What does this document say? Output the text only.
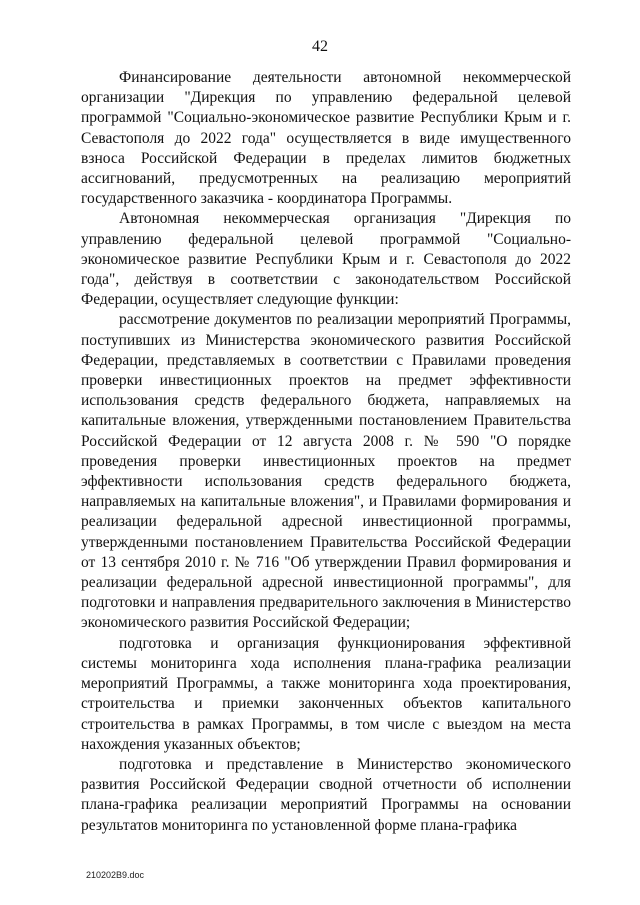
42

Финансирование деятельности автономной некоммерческой организации "Дирекция по управлению федеральной целевой программой "Социально-экономическое развитие Республики Крым и г. Севастополя до 2022 года" осуществляется в виде имущественного взноса Российской Федерации в пределах лимитов бюджетных ассигнований, предусмотренных на реализацию мероприятий государственного заказчика - координатора Программы.

Автономная некоммерческая организация "Дирекция по управлению федеральной целевой программой "Социально-экономическое развитие Республики Крым и г. Севастополя до 2022 года", действуя в соответствии с законодательством Российской Федерации, осуществляет следующие функции:

рассмотрение документов по реализации мероприятий Программы, поступивших из Министерства экономического развития Российской Федерации, представляемых в соответствии с Правилами проведения проверки инвестиционных проектов на предмет эффективности использования средств федерального бюджета, направляемых на капитальные вложения, утвержденными постановлением Правительства Российской Федерации от 12 августа 2008 г. № 590 "О порядке проведения проверки инвестиционных проектов на предмет эффективности использования средств федерального бюджета, направляемых на капитальные вложения", и Правилами формирования и реализации федеральной адресной инвестиционной программы, утвержденными постановлением Правительства Российской Федерации от 13 сентября 2010 г. № 716 "Об утверждении Правил формирования и реализации федеральной адресной инвестиционной программы", для подготовки и направления предварительного заключения в Министерство экономического развития Российской Федерации;

подготовка и организация функционирования эффективной системы мониторинга хода исполнения плана-графика реализации мероприятий Программы, а также мониторинга хода проектирования, строительства и приемки законченных объектов капитального строительства в рамках Программы, в том числе с выездом на места нахождения указанных объектов;

подготовка и представление в Министерство экономического развития Российской Федерации сводной отчетности об исполнении плана-графика реализации мероприятий Программы на основании результатов мониторинга по установленной форме плана-графика

210202В9.doc
